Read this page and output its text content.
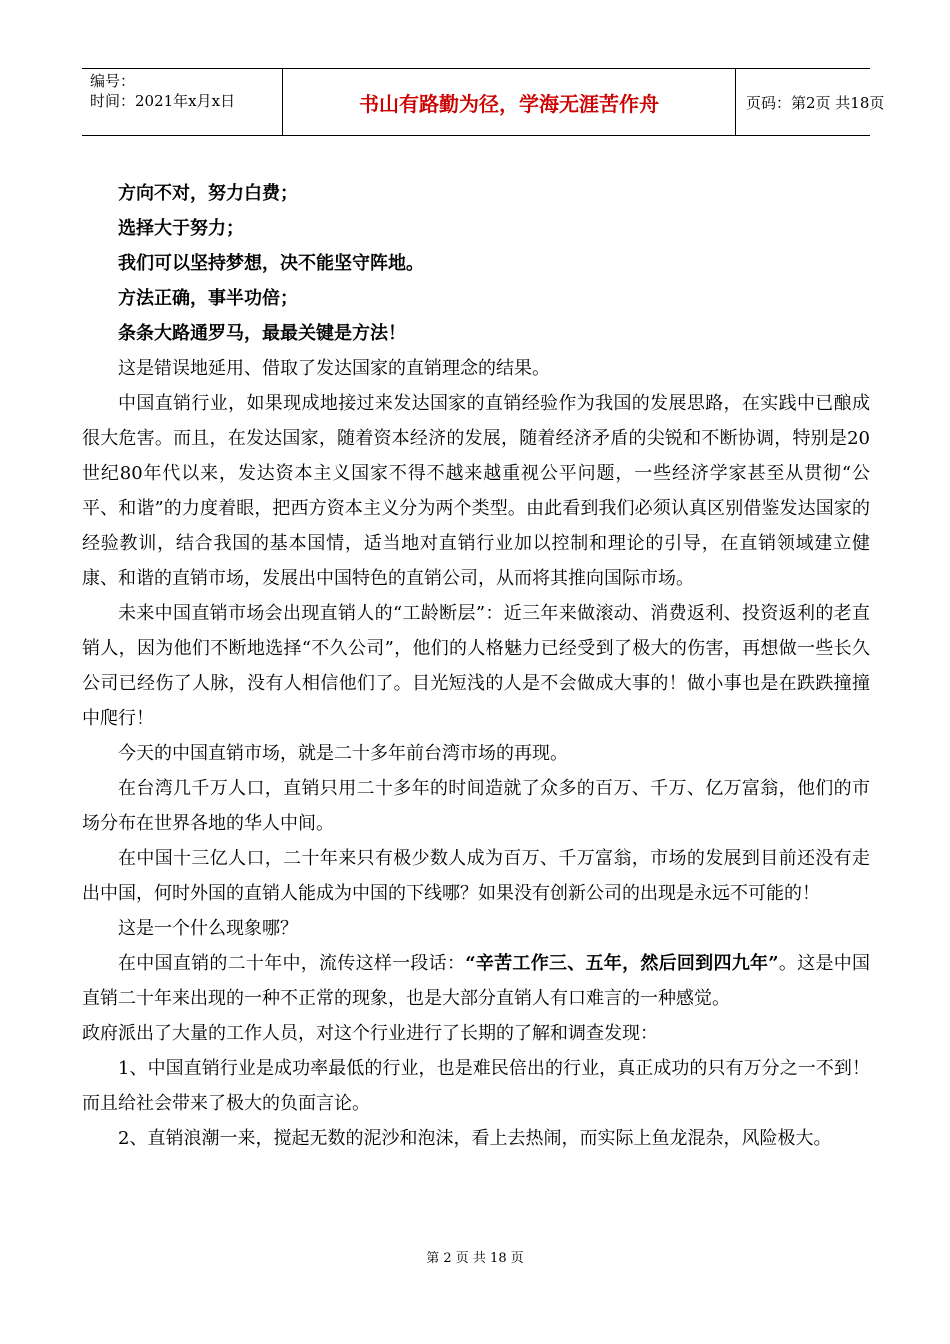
编号：
时间：2021年x月x日	书山有路勤为径，学海无涯苦作舟	页码：第2页 共18页

方向不对，努力白费；

选择大于努力；

我们可以坚持梦想，决不能坚守阵地。

方法正确，事半功倍；

条条大路通罗马，最最关键是方法！

这是错误地延用、借取了发达国家的直销理念的结果。

中国直销行业，如果现成地接过来发达国家的直销经验作为我国的发展思路，在实践中已酿成很大危害。而且，在发达国家，随着资本经济的发展，随着经济矛盾的尖锐和不断协调，特别是20世纪80年代以来，发达资本主义国家不得不越来越重视公平问题，一些经济学家甚至从贯彻“公平、和谐”的力度着眼，把西方资本主义分为两个类型。由此看到我们必须认真区别借鉴发达国家的经验教训，结合我国的基本国情，适当地对直销行业加以控制和理论的引导，在直销领域建立健康、和谐的直销市场，发展出中国特色的直销公司，从而将其推向国际市场。

未来中国直销市场会出现直销人的“工龄断层”：近三年来做滚动、消费返利、投资返利的老直销人，因为他们不断地选择“不久公司”，他们的人格魅力已经受到了极大的伤害，再想做一些长久公司已经伤了人脉，没有人相信他们了。目光短浅的人是不会做成大事的！做小事也是在跌跌撞撞中爬行！

今天的中国直销市场，就是二十多年前台湾市场的再现。

在台湾几千万人口，直销只用二十多年的时间造就了众多的百万、千万、亿万富翁，他们的市场分布在世界各地的华人中间。

在中国十三亿人口，二十年来只有极少数人成为百万、千万富翁，市场的发展到目前还没有走出中国，何时外国的直销人能成为中国的下线哪？如果没有创新公司的出现是永远不可能的！

这是一个什么现象哪？

在中国直销的二十年中，流传这样一段话：“辛苦工作三、五年，然后回到四九年”。这是中国直销二十年来出现的一种不正常的现象，也是大部分直销人有口难言的一种感觉。

政府派出了大量的工作人员，对这个行业进行了长期的了解和调查发现：

1、中国直销行业是成功率最低的行业，也是难民倍出的行业，真正成功的只有万分之一不到！而且给社会带来了极大的负面言论。

2、直销浪潮一来，搅起无数的泥沙和泡沫，看上去热闹，而实际上鱼龙混杂，风险极大。

第 2 页 共 18 页
